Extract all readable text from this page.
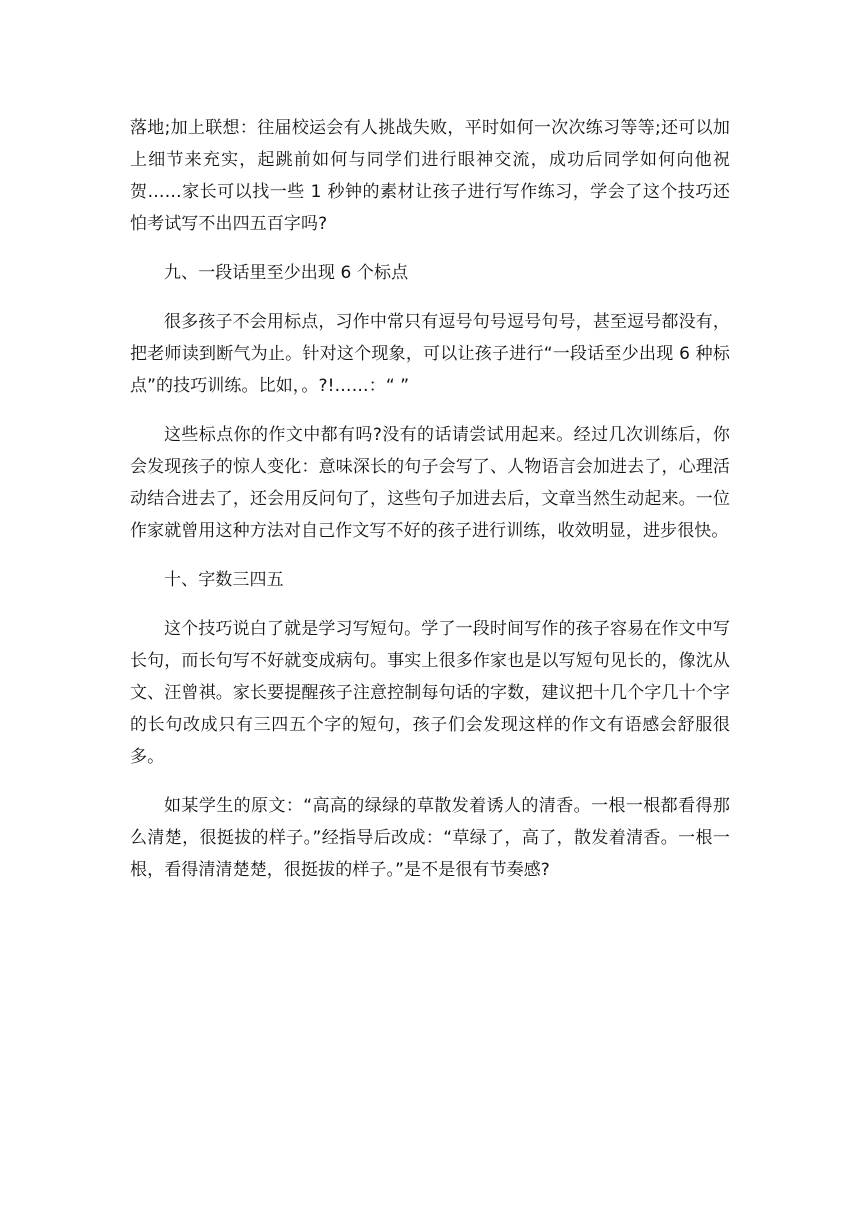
落地;加上联想：往届校运会有人挑战失败，平时如何一次次练习等等;还可以加上细节来充实，起跳前如何与同学们进行眼神交流，成功后同学如何向他祝贺……家长可以找一些 1 秒钟的素材让孩子进行写作练习，学会了这个技巧还怕考试写不出四五百字吗?

九、一段话里至少出现 6 个标点

很多孩子不会用标点，习作中常只有逗号句号逗号句号，甚至逗号都没有，把老师读到断气为止。针对这个现象，可以让孩子进行“一段话至少出现 6 种标点”的技巧训练。比如，。?!……：“ ”

这些标点你的作文中都有吗?没有的话请尝试用起来。经过几次训练后，你会发现孩子的惊人变化：意味深长的句子会写了、人物语言会加进去了，心理活动结合进去了，还会用反问句了，这些句子加进去后，文章当然生动起来。一位作家就曾用这种方法对自己作文写不好的孩子进行训练，收效明显，进步很快。

十、字数三四五

这个技巧说白了就是学习写短句。学了一段时间写作的孩子容易在作文中写长句，而长句写不好就变成病句。事实上很多作家也是以写短句见长的，像沈从文、汪曾祺。家长要提醒孩子注意控制每句话的字数，建议把十几个字几十个字的长句改成只有三四五个字的短句，孩子们会发现这样的作文有语感会舒服很多。

如某学生的原文：“高高的绿绿的草散发着诱人的清香。一根一根都看得那么清楚，很挺拔的样子。”经指导后改成：“草绿了，高了，散发着清香。一根一根，看得清清楚楚，很挺拔的样子。”是不是很有节奏感?
